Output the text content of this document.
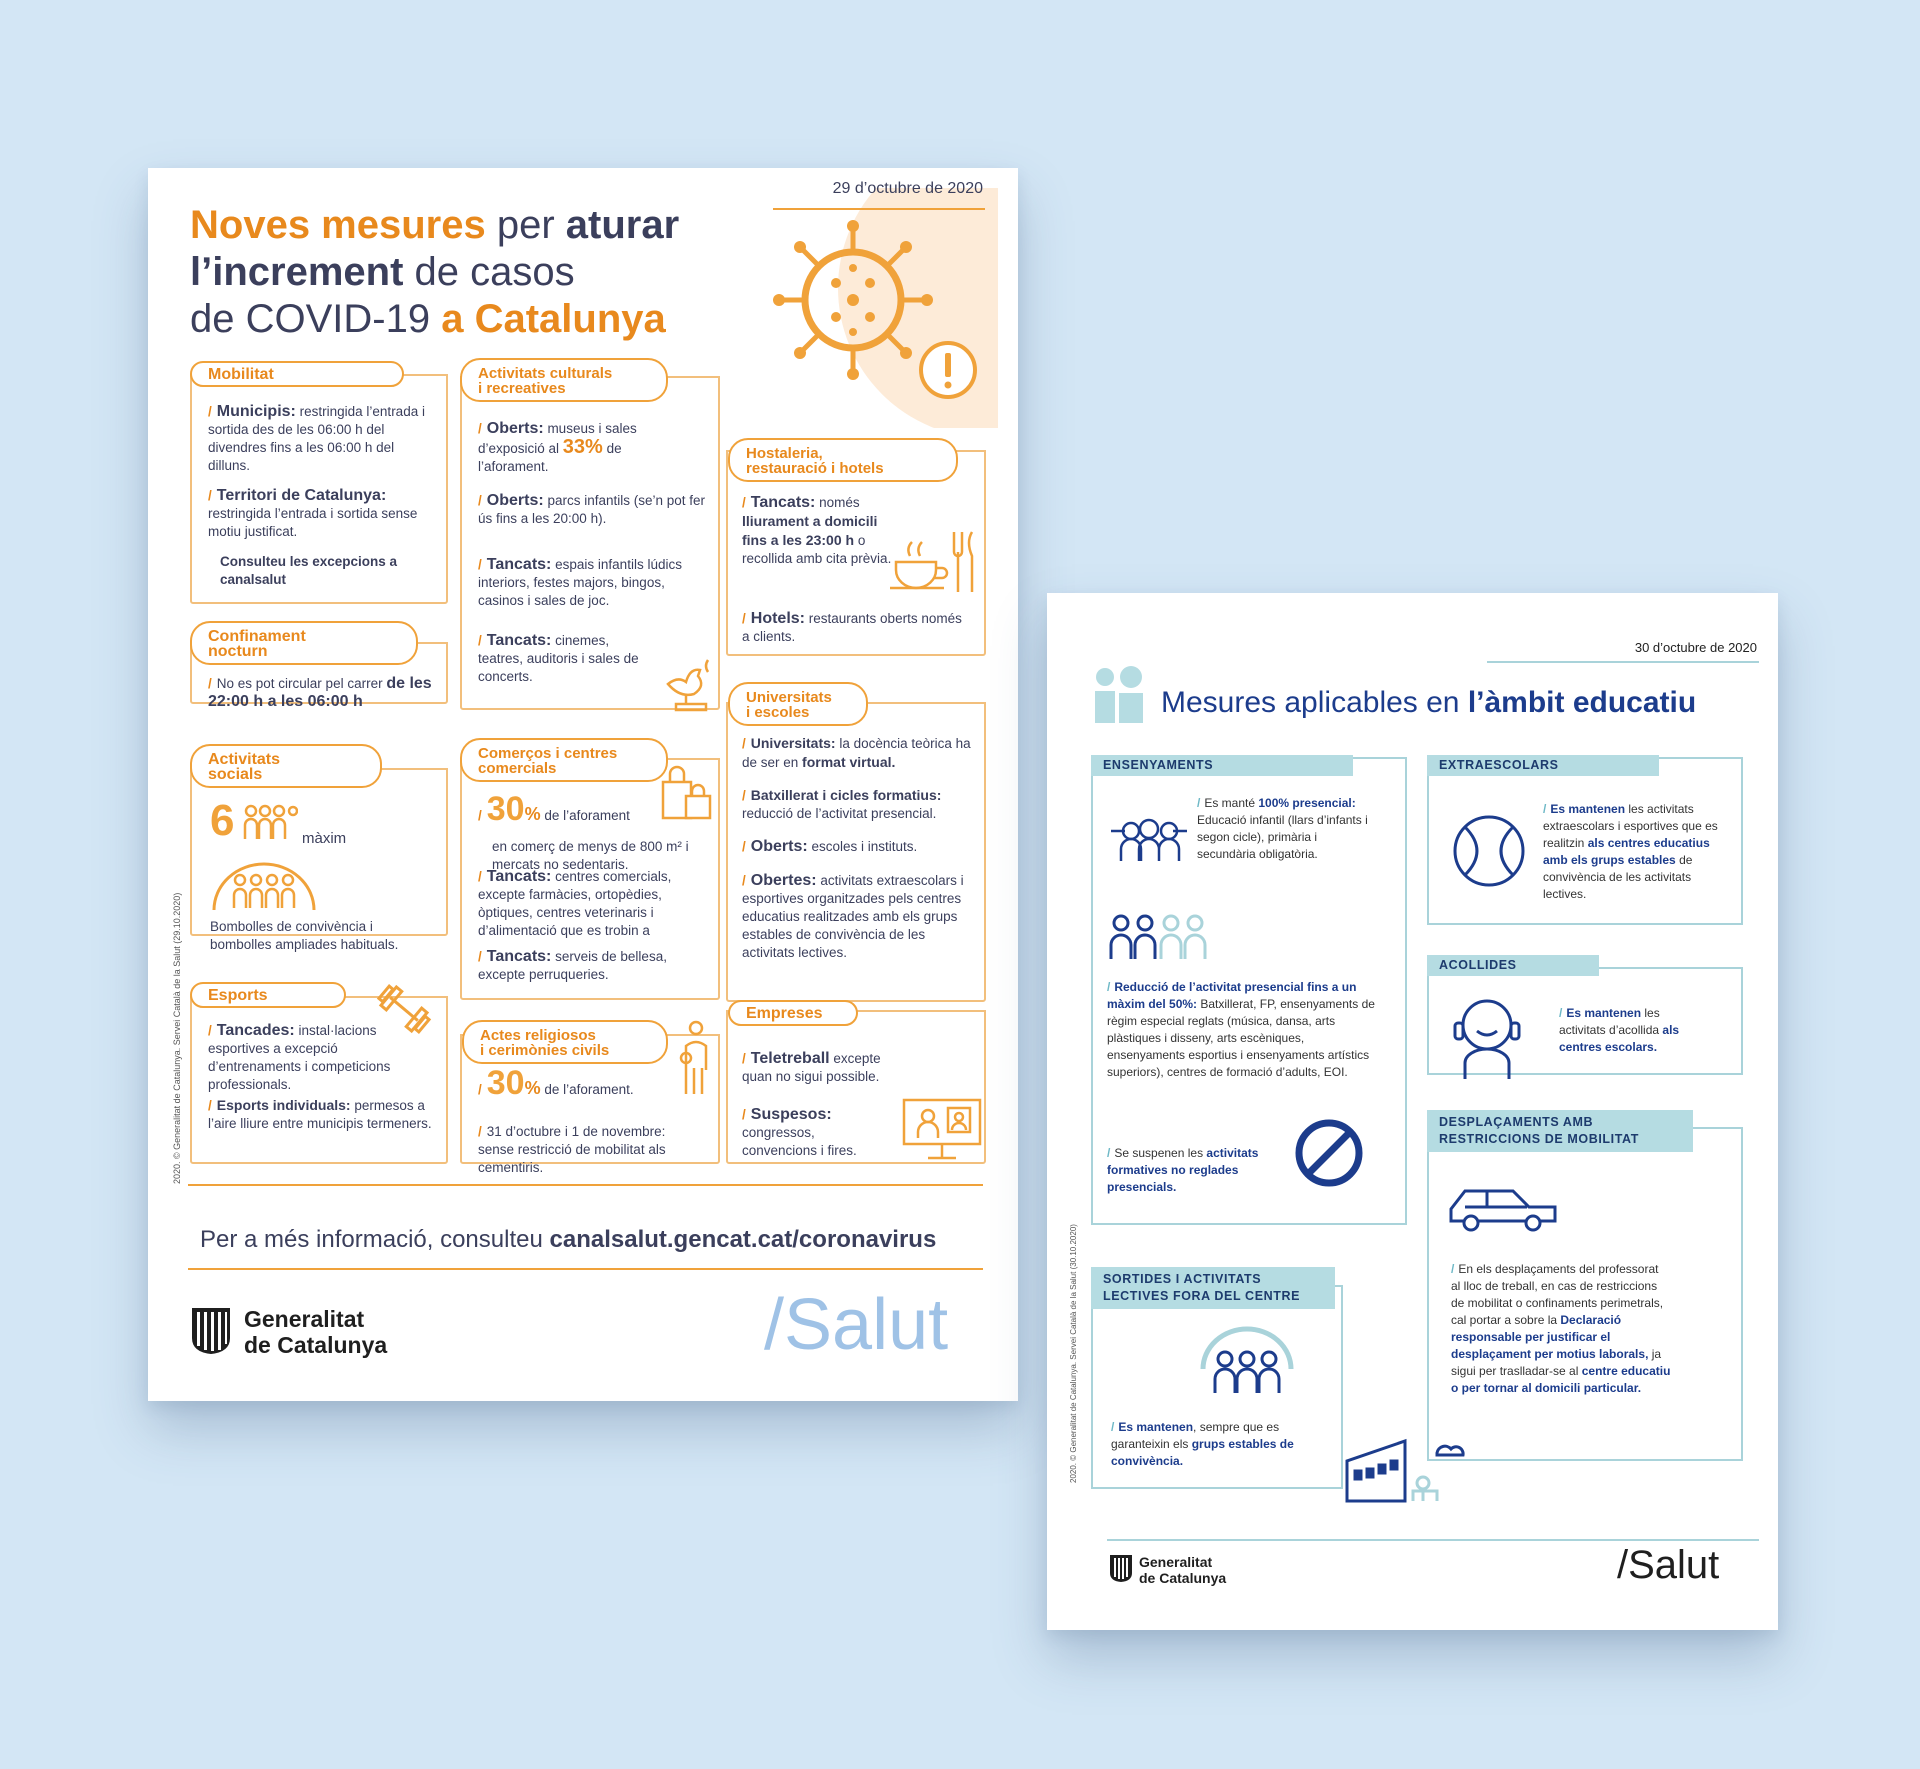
29 d’octubre de 2020
Noves mesures per aturar
l’increment de casos
de COVID-19 a Catalunya
Mobilitat
/ Municipis: restringida l’entrada i sortida des de les 06:00 h del divendres fins a les 06:00 h del dilluns.
/ Territori de Catalunya: restringida l’entrada i sortida sense motiu justificat.
Consulteu les excepcions a canalsalut
Confinament
nocturn
/ No es pot circular pel carrer de les 22:00 h a les 06:00 h
Activitats
socials
6	màxim
Bombolles de convivència i bombolles ampliades habituals.
Esports
/ Tancades: instal·lacions esportives a excepció d’entrenaments i competicions professionals.
/ Esports individuals: permesos a l’aire lliure entre municipis termeners.
Activitats culturals
i recreatives
/ Oberts: museus i sales d’exposició al 33% de l’aforament.
/ Oberts: parcs infantils (se’n pot fer ús fins a les 20:00 h).
/ Tancats: espais infantils lúdics interiors, festes majors, bingos, casinos i sales de joc.
/ Tancats: cinemes, teatres, auditoris i sales de concerts.
Comerços i centres
comercials
/ 30% de l’aforament
en comerç de menys de 800 m² i mercats no sedentaris.
/ Tancats: centres comercials, excepte farmàcies, ortopèdies, òptiques, centres veterinaris i d’alimentació que es trobin a
/ Tancats: serveis de bellesa, excepte perruqueries.
Actes religiosos
i cerimònies civils
/ 30% de l’aforament.
/ 31 d’octubre i 1 de novembre: sense restricció de mobilitat als cementiris.
Hostaleria,
restauració i hotels
/ Tancats: només lliurament a domicili fins a les 23:00 h o recollida amb cita prèvia.
/ Hotels: restaurants oberts només a clients.
Universitats
i escoles
/ Universitats: la docència teòrica ha de ser en format virtual.
/ Batxillerat i cicles formatius: reducció de l’activitat presencial.
/ Oberts: escoles i instituts.
/ Obertes: activitats extraescolars i esportives organitzades pels centres educatius realitzades amb els grups estables de convivència de les activitats lectives.
Empreses
/ Teletreball excepte quan no sigui possible.
/ Suspesos: congressos, convencions i fires.
Per a més informació, consulteu canalsalut.gencat.cat/coronavirus
Generalitat
de Catalunya	/Salut
2020. © Generalitat de Catalunya. Servei Català de la Salut (29.10.2020)
30 d’octubre de 2020
Mesures aplicables en l’àmbit educatiu
ENSENYAMENTS
/ Es manté 100% presencial: Educació infantil (llars d’infants i segon cicle), primària i secundària obligatòria.
/ Reducció de l’activitat presencial fins a un màxim del 50%: Batxillerat, FP, ensenyaments de règim especial reglats (música, dansa, arts plàstiques i disseny, arts escèniques, ensenyaments esportius i ensenyaments artístics superiors), centres de formació d’adults, EOI.
/ Se suspenen les activitats formatives no reglades presencials.
EXTRAESCOLARS
/ Es mantenen les activitats extraescolars i esportives que es realitzin als centres educatius amb els grups estables de convivència de les activitats lectives.
ACOLLIDES
/ Es mantenen les activitats d’acollida als centres escolars.
DESPLAÇAMENTS AMB
RESTRICCIONS DE MOBILITAT
/ En els desplaçaments del professorat al lloc de treball, en cas de restriccions de mobilitat o confinaments perimetrals, cal portar a sobre la Declaració responsable per justificar el desplaçament per motius laborals, ja sigui per traslladar-se al centre educatiu o per tornar al domicili particular.
SORTIDES I ACTIVITATS
LECTIVES FORA DEL CENTRE
/ Es mantenen, sempre que es garanteixin els grups estables de convivència.
Generalitat
de Catalunya	/Salut
2020. © Generalitat de Catalunya. Servei Català de la Salut (30.10.2020)
